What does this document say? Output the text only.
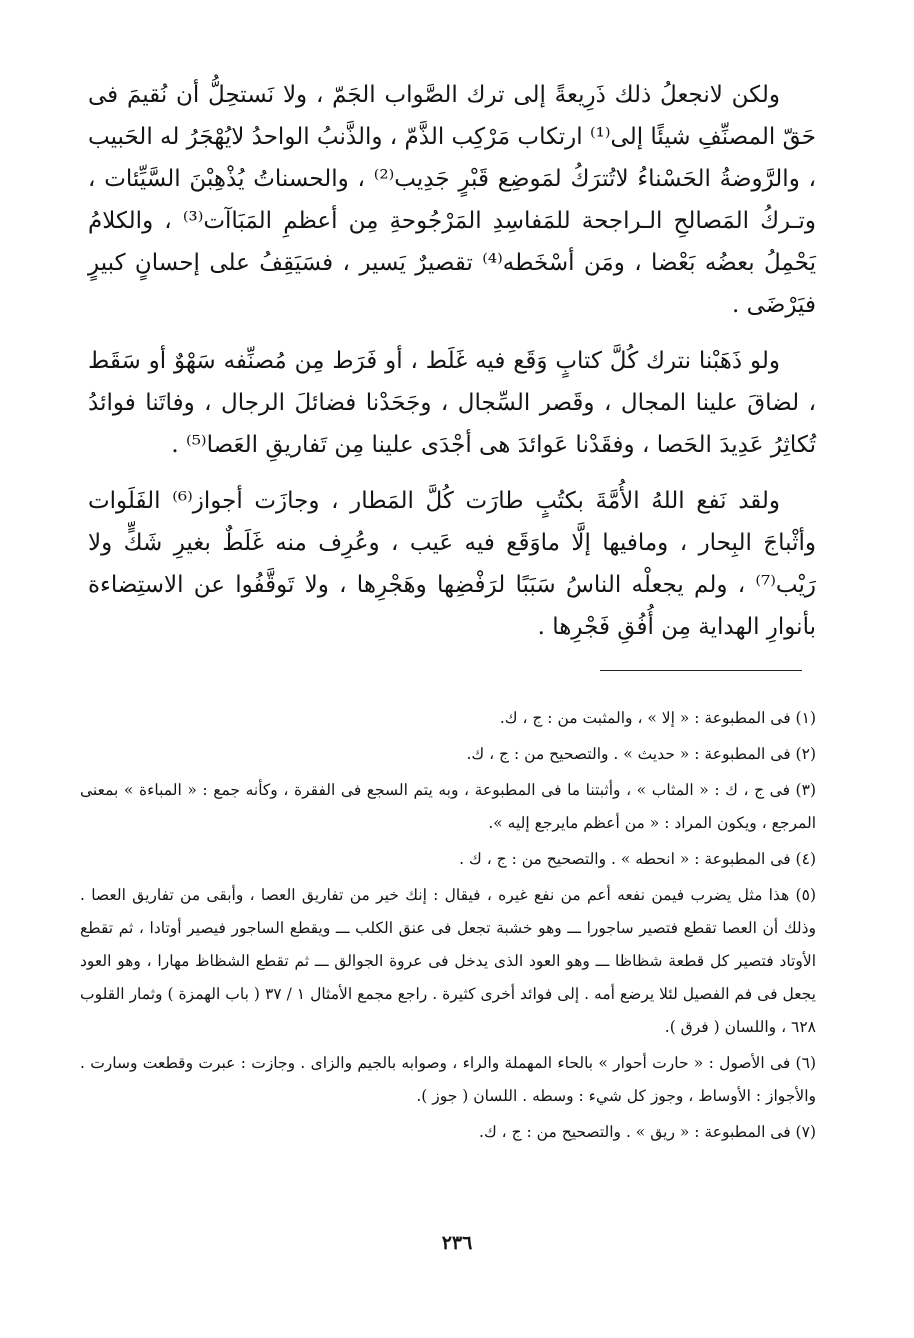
ولكن لانجعلُ ذلك ذَرِيعةً إلى ترك الصَّواب الجَمّ ، ولا نَستحِلُّ أن نُقيمَ فى حَقّ المصنِّفِ شيئًا إلى⁽¹⁾ ارتكاب مَرْكِب الذَّمّ ، والذَّنبُ الواحدُ لايُهْجَرُ له الحَبيب ، والرَّوضةُ الحَسْناءُ لاتُترَكُ لمَوضِع قَبْرٍ جَدِيب⁽²⁾ ، والحسناتُ يُذْهِبْنَ السَّيِّئات ، وتـركُ المَصالحِ الـراجحة للمَفاسِدِ المَرْجُوحةِ مِن أعظمِ المَبَاآت⁽³⁾ ، والكلامُ يَحْمِلُ بعضُه بَعْضا ، ومَن أسْخَطه⁽⁴⁾ تقصيرٌ يَسير ، فسَيَقِفُ على إحسانٍ كبيرٍ فيَرْضَى .

ولو ذَهَبْنا نترك كُلَّ كتابٍ وَقَع فيه غَلَط ، أو فَرَط مِن مُصنِّفه سَهْوٌ أو سَقَط ، لضاقَ علينا المجال ، وقَصر السِّجال ، وجَحَدْنا فضائلَ الرجال ، وفاتَنا فوائدُ تُكاثِرُ عَدِيدَ الحَصا ، وفقَدْنا عَوائدَ هى أجْدَى علينا مِن تَفاريقِ العَصا⁽⁵⁾ .

ولقد نَفع اللهُ الأُمَّةَ بكتُبٍ طارَت كُلَّ المَطار ، وجازَت أجواز⁽⁶⁾ الفَلَوات وأثْباجَ البِحار ، ومافيها إلَّا ماوَقَع فيه عَيب ، وعُرِف منه غَلَطٌ بغيرِ شَكٍّ ولا رَيْب⁽⁷⁾ ، ولم يجعلْه الناسُ سَبَبًا لرَفْضِها وهَجْرِها ، ولا تَوقَّفُوا عن الاستِضاءة بأنوارِ الهداية مِن أُفُقِ فَجْرِها .

(١) فى المطبوعة : « إلا » ، والمثبت من : ج ، ك.

(٢) فى المطبوعة : « حديث » . والتصحيح من : ج ، ك.

(٣) فى ج ، ك : « المثاب » ، وأثبتنا ما فى المطبوعة ، وبه يتم السجع فى الفقرة ، وكأنه جمع : « المباءة » بمعنى المرجع ، ويكون المراد : « من أعظم مايرجع إليه ».

(٤) فى المطبوعة : « انحطه » . والتصحيح من : ج ، ك .

(٥) هذا مثل يضرب فيمن نفعه أعم من نفع غيره ، فيقال : إنك خير من تفاريق العصا ، وأبقى من تفاريق العصا . وذلك أن العصا تقطع فتصير ساجورا ـــ وهو خشبة تجعل فى عنق الكلب ـــ ويقطع الساجور فيصير أوتادا ، ثم تقطع الأوتاد فتصير كل قطعة شظاظا ـــ وهو العود الذى يدخل فى عروة الجوالق ـــ ثم تقطع الشظاظ مهارا ، وهو العود يجعل فى فم الفصيل لئلا يرضع أمه . إلى فوائد أخرى كثيرة . راجع مجمع الأمثال ١ / ٣٧ ( باب الهمزة ) وثمار القلوب ٦٢٨ ، واللسان ( فرق ).

(٦) فى الأصول : « حارت أحوار » بالحاء المهملة والراء ، وصوابه بالجيم والزاى . وجازت : عبرت وقطعت وسارت . والأجواز : الأوساط ، وجوز كل شيء : وسطه . اللسان ( جوز ).

(٧) فى المطبوعة : « ريق » . والتصحيح من : ج ، ك.

٢٣٦
